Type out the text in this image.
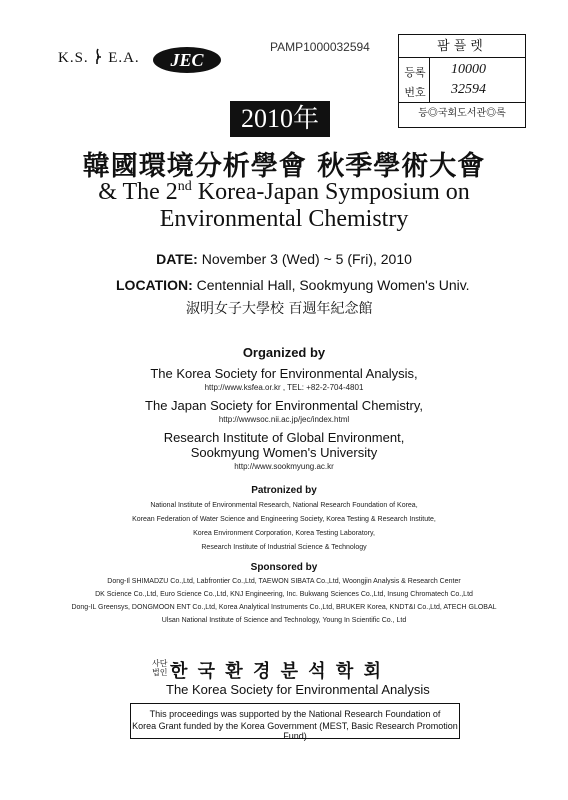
K.S. E.A. JEC
PAMP1000032594	팜플렛
등록
번호
10000
32594
등◎국회도서관◎록
2010年
韓國環境分析學會 秋季學術大會
& The 2nd Korea-Japan Symposium on
Environmental Chemistry
DATE: November 3 (Wed) ~ 5 (Fri), 2010
LOCATION: Centennial Hall, Sookmyung Women's Univ.
淑明女子大學校 百週年紀念館
Organized by
The Korea Society for Environmental Analysis,
http://www.ksfea.or.kr , TEL: +82-2-704-4801
The Japan Society for Environmental Chemistry,
http://wwwsoc.nii.ac.jp/jec/index.html
Research Institute of Global Environment,
Sookmyung Women's University
http://www.sookmyung.ac.kr
Patronized by
National Institute of Environmental Research, National Research Foundation of Korea,
Korean Federation of Water Science and Engineering Society, Korea Testing & Research Institute,
Korea Environment Corporation, Korea Testing Laboratory,
Research Institute of Industrial Science & Technology
Sponsored by
Dong-Il SHIMADZU Co.,Ltd, Labfrontier Co.,Ltd, TAEWON SIBATA Co.,Ltd, Woongjin Analysis & Research Center
DK Science Co.,Ltd, Euro Science Co.,Ltd, KNJ Engineering, Inc. Bukwang Sciences Co.,Ltd, Insung Chromatech Co.,Ltd
Dong-IL Greensys, DONGMOON ENT Co.,Ltd, Korea Analytical Instruments Co.,Ltd, BRUKER Korea, KNDT&I Co.,Ltd, ATECH GLOBAL
Ulsan National Institute of Science and Technology, Young In Scientific Co., Ltd
사단
법인 한 국 환 경 분 석 학 회
The Korea Society for Environmental Analysis
This proceedings was supported by the National Research Foundation of
Korea Grant funded by the Korea Government (MEST, Basic Research Promotion Fund)
